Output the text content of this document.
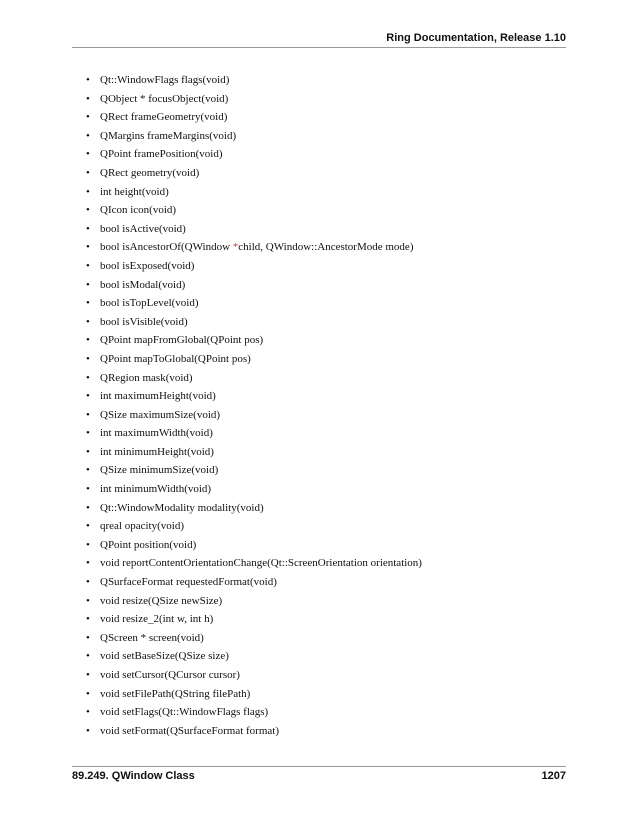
Ring Documentation, Release 1.10
• Qt::WindowFlags flags(void)
• QObject * focusObject(void)
• QRect frameGeometry(void)
• QMargins frameMargins(void)
• QPoint framePosition(void)
• QRect geometry(void)
• int height(void)
• QIcon icon(void)
• bool isActive(void)
• bool isAncestorOf(QWindow *child, QWindow::AncestorMode mode)
• bool isExposed(void)
• bool isModal(void)
• bool isTopLevel(void)
• bool isVisible(void)
• QPoint mapFromGlobal(QPoint pos)
• QPoint mapToGlobal(QPoint pos)
• QRegion mask(void)
• int maximumHeight(void)
• QSize maximumSize(void)
• int maximumWidth(void)
• int minimumHeight(void)
• QSize minimumSize(void)
• int minimumWidth(void)
• Qt::WindowModality modality(void)
• qreal opacity(void)
• QPoint position(void)
• void reportContentOrientationChange(Qt::ScreenOrientation orientation)
• QSurfaceFormat requestedFormat(void)
• void resize(QSize newSize)
• void resize_2(int w, int h)
• QScreen * screen(void)
• void setBaseSize(QSize size)
• void setCursor(QCursor cursor)
• void setFilePath(QString filePath)
• void setFlags(Qt::WindowFlags flags)
• void setFormat(QSurfaceFormat format)
89.249. QWindow Class	1207
